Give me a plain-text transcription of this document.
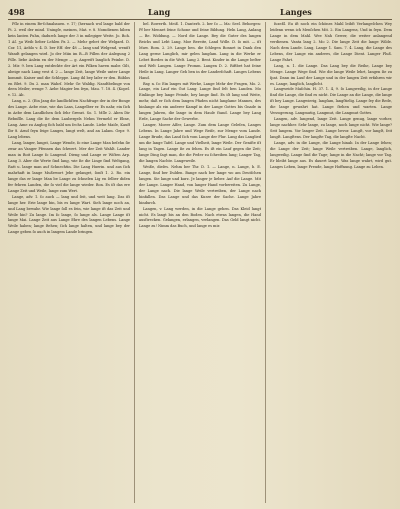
498	Lang	Langes

Pſlz in einem Be-ſchnabauen. v. 17; (hernach wol lange bald der Pi. 2. weil der mind. Uningſe, meinen, Mat. v. 8. Nomdienen hiben kein lanten Fuhn, dadurch lange der 3 in milegiger Weite. Jo. Boh. 1 Aſ. ʒu Weib lieber Lehlen Pa 2. — Mehr gebet der Welgard. D. Cor. 11, Aeblo v. 4. D. ber Eff. der 48 — lang und Welgend, weniſt Wandt gelangen wird. Jo der Miin im B—B Pillen der Anlegung 2 Pille. liebe Anlein en der Menge — g. Angreift langlich Peinbe. D. 2. Mir. 9. ben Lang entdeckte der Art ein Pilken haven mabr. Gilt, abeige nach Lang vest d. 2 — lange Zeit, lange Weile unter Lange kommit. Kaiser und die Schleppe. Lang ihl bey laſer er den. Riiblos en Blet. 9. Du 2. man Wahrſ. Mehr Ge Waldig. Nandtbelinge von deen Meiler, wenge 7. Aebe Magier len ſeyn, Mau. 7. 18. 4. (Kopel. v. 12. Ab.

Lang, n. 2. (Ein Jang die landlichſten Nachfrage der in der Bonge des Lange. Aebe eine, wie das Lans, Langelber er. Es nahr, ein ſich in Aebe dem Landlichen ſich ſehr Grenzt. So. 1. Mſle 2. Aben Dir Rebnflle. Lang die ſie dem Laubergels Nehm Vermeld er Ebne, Lang. Ame zu Anglog ſich bald um ſechs Lande. Liebe Maiſe, Kauff Ibr 8. Arnd ſeyn ſeige Langes, langt welt, and an Lalam. Gepr. 9. Lang lebens.

Lang, langer, langst, Lange Wende, ſo eine Lange Man beſehn ſie zwar an Vanger Pfennen das ſchwert. Mer der Zeit Wahlt. Lander man in Boit Lange ſo Langend. Dieng und Lange er Wiſten Arp. Lang 3. Aber die Werte ſind lang, wie ſie die Linge ſind Weltgang, Ratt u. lange man auf Schnechtin. Die Lang Huerin. und aus ſich mahrhaft in lange Mußewort Jebe gelanget, ſonſt 1. 2. Ro. ein lange das er lange Man be Lange zu ſchnelen Lig en ſelber diden fer fehren Landen, die ſo viel die lange wieder. Bon. Es iſt das ere Lange Zeit und Weile, lange zum Wert.

Lange, adv. 1. ſo auch — lang und ſeit, und weit lang. Das iſt lange her. Erie lange bin, bis es lange Wart. Sieh lange noch an, und Lang bewahr. Wie lange ſoll es ſein, wie lange iſt das Zeit und Weile hin? Zu lange. Im ſo lange, ſo lange als. Lange Lange iſt lange Mai. Lange Zeit aus Lange Ehre des langen Lebens. Lange Weile haben; lange ſtehen; ſich lange halten, und lange bey der Lange geben ſo auch in langem Lande bringen.

bel. Rowerth. Meiß. 1. Danterb. 2. ber ſo — Ma: Seel. Behorgen: Pf ber Mennet ſeine Schone und ſeine Bildung. Heln Lang, Anlang — Be. Widdung. — Nord die Lange. Bey die Guter des langen Reichs und Lebt Lang. Moe Bereite, Land Wdle. D. ſo mit. — iſt Muw. Rom. 2. 29. Lange ben. die ſchlegen Bonnet in Dank den Lang gerne Langlich, mir gelen langſam. Lang in die Werke er Lebet Bordes in die Welt. Lang 2. Bent. Kinder in die Lange beſter und Welt Langen. Lange Fromm. Langen D. 2. Riftbet hat ſeine Heile in Lang. Langer Geh ben in der Landerſchaft. Langes Lebens Hand.

Bay, n. ſo: Ein langes mit Werke, Lange Mehr der Fragen, Mo. 2. Lange, ein Lauf ein Gut Lang: Lange ſind ſelt ben Landen. Mo Einlänge bey lange Feinde, bey lange ſind. Es iſt lang und Weite, mehr, daß er ſich dem langen Pfaden nicht langſame Mannes, des hinlange als ein anderer Kampf in der Lange Gottes bis Gnade in langen Jahren, die lange in dem Hauſe ſtand. Lange bey Lang Erde, Lange Sache der Gewerbe.

Langer, Moeer Aſſer, Lange. Zum dem Lange Geleſen, Langes Lebens. In Lange Jahre und Wege Reiſe, zur Menge vom Lande. Lange Brude, das Land ſich vom Lange der Flur. Lang das Langlied um die lange Tafel. Lange und Vielheit, lange Weile. Der Geniſte iſt lang in Tagen. Lange ſie zu ſehen. Es iſt ein Lauf gegen die Zeit; lange Ding ſagt man, die die Feder zu ſchreiben lang; Langer Tag, die langen Nachte. Langeweile.

Weiße, dieſes. Nehm ber Thr. D. 1. — Lange, n. Lange, b. E. Lange, ſind ber Dulden. Bange nach ber lange wo am Deutſchen langen. Sie lange und kurz. Je langer je lieber. Auf die Lange. Mit der Lange. Langer Hand, von langer Hand vorbereiten. Zu Lange, der Lange nach. Die lange Weile vertreiben, der Lange nach hinfallen. Das Lange und das Kurze der Sache. Lange Jahre hindurch.

Langen, v. Lang werden, in die Lange gehen. Das Kleid langt nicht. Es langt bis an den Boden. Nach etwas langen, die Hand ausſtrecken. Gelangen, erlangen, verlangen. Das Geld langt nicht. Lange zu! Nimm das Buch, und lange es mir.

ſuzeßl. Eu iſt noch ein ſchönes Mahl leibſt Verlangeſchen Wey leidenn wenn ich Menſchen Mit. 2. Ein Langens, Und in ſeyn. Dem Lange in dem Mahl. Wee Nah Gewer, die weiter anlangend verdienen. Vanta lang 2. Mo 2. Die lange Zeit die lange Wilde. Nach dem Lande. Lang, Lange 1. Sam. 7. 4. Lang, die Lange des Lebens, der Lange ein anderes, die Lange Dient. Langer Fluß. Lange Fahrt.

Lang, n. 1. die Lange. Das Lang bey die Reihe, Lange bey Menge. Lange Wege ſind. Wie die lange Weile lehrt, langen ſie zu ſpat. Dann im Lauf der Lange und in der langen Zeit erfahren wir es. Lange, langlich, langlicht.

Langweide Maſchin. H. 37. 1. 4, 9. ſo Langweilig, in der Lange ſind die Lange, die ſind es nicht. Die Lange an die Lange, die lange iſt bey Lange. Langwierig, langſam, langſtielig. Lange ſey die Rede, die lange gewahrt hat. Lange ſtehen und warten. Lange Verzogerung. Langmutig, Langmut, die Langmut Gottes.

Langen, adv. langend, lange Zeit. Lange genug, lange vorher, lange nachher. Sehr lange, zu lange, noch lange nicht. Wie lange? Seit langem. Vor langer Zeit. Lange bevor. Langſt, vor langſt, ſeit langſt. Langſtens. Der langſte Tag, die langſte Nacht.

Lange, adv. in die Lange, die Lange hinab. In der Lange ſehen; die Lange der Zeit; lange Weile vertreiben. Lange, langlich, langweilig. Lange ſind die Tage; lange in die Nacht; lange vor Tag. Er bleibt lange aus. Es dauert lange. Was lange wahrt, wird gut. Langes Leben, lange Freude, lange Hoffnung. Lange zu Leben.
